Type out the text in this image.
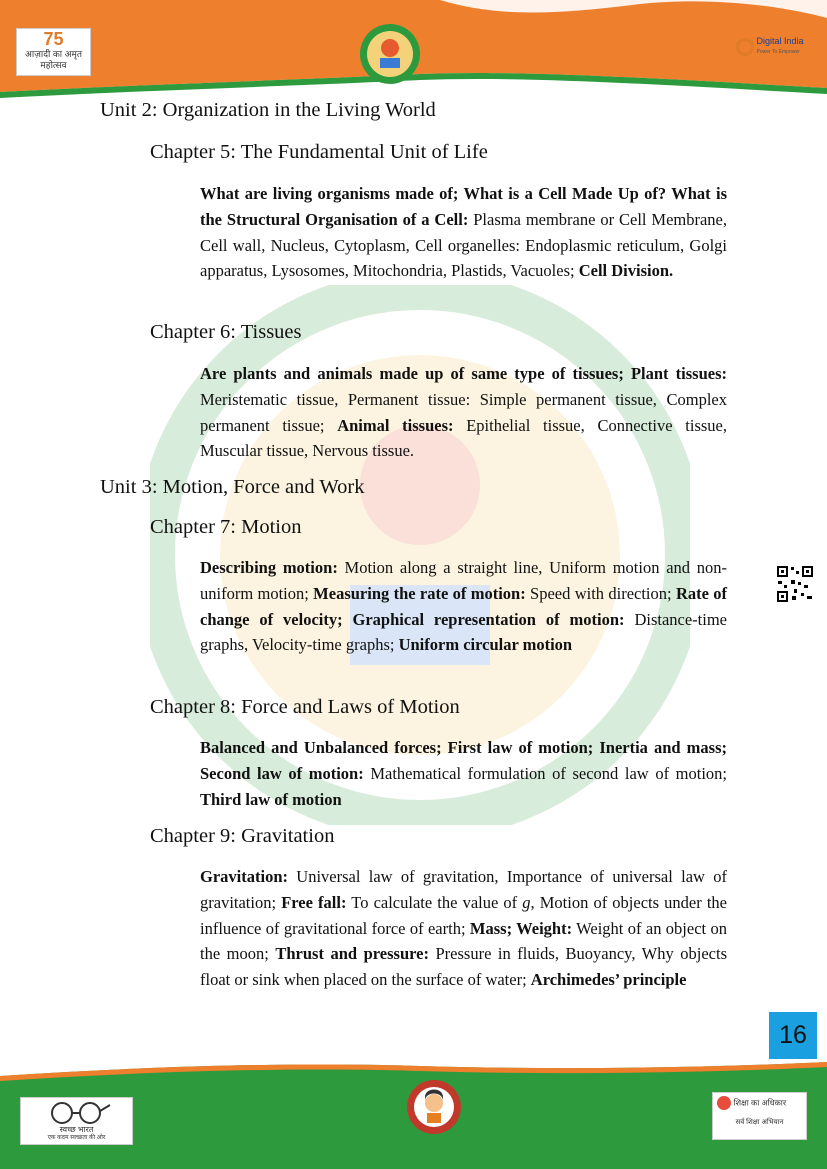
75
आज़ादी का अमृत महोत्सव
Digital India
Power To Empower
Unit 2: Organization in the Living World
Chapter 5: The Fundamental Unit of Life
What are living organisms made of; What is a Cell Made Up of? What is the Structural Organisation of a Cell: Plasma membrane or Cell Membrane, Cell wall, Nucleus, Cytoplasm, Cell organelles: Endoplasmic reticulum, Golgi apparatus, Lysosomes, Mitochondria, Plastids, Vacuoles; Cell Division.
Chapter 6: Tissues
Are plants and animals made up of same type of tissues; Plant tissues: Meristematic tissue, Permanent tissue: Simple permanent tissue, Complex permanent tissue; Animal tissues: Epithelial tissue, Connective tissue, Muscular tissue, Nervous tissue.
Unit 3: Motion, Force and Work
Chapter 7: Motion
Describing motion: Motion along a straight line, Uniform motion and non-uniform motion; Measuring the rate of motion: Speed with direction; Rate of change of velocity; Graphical representation of motion: Distance-time graphs, Velocity-time graphs; Uniform circular motion
Chapter 8: Force and Laws of Motion
Balanced and Unbalanced forces; First law of motion; Inertia and mass; Second law of motion: Mathematical formulation of second law of motion; Third law of motion
Chapter 9: Gravitation
Gravitation: Universal law of gravitation, Importance of universal law of gravitation; Free fall: To calculate the value of g, Motion of objects under the influence of gravitational force of earth; Mass; Weight: Weight of an object on the moon; Thrust and pressure: Pressure in fluids, Buoyancy, Why objects float or sink when placed on the surface of water; Archimedes’ principle
16
स्वच्छ भारत
एक कदम स्वच्छता की ओर
शिक्षा का अधिकार
सर्व शिक्षा अभियान
